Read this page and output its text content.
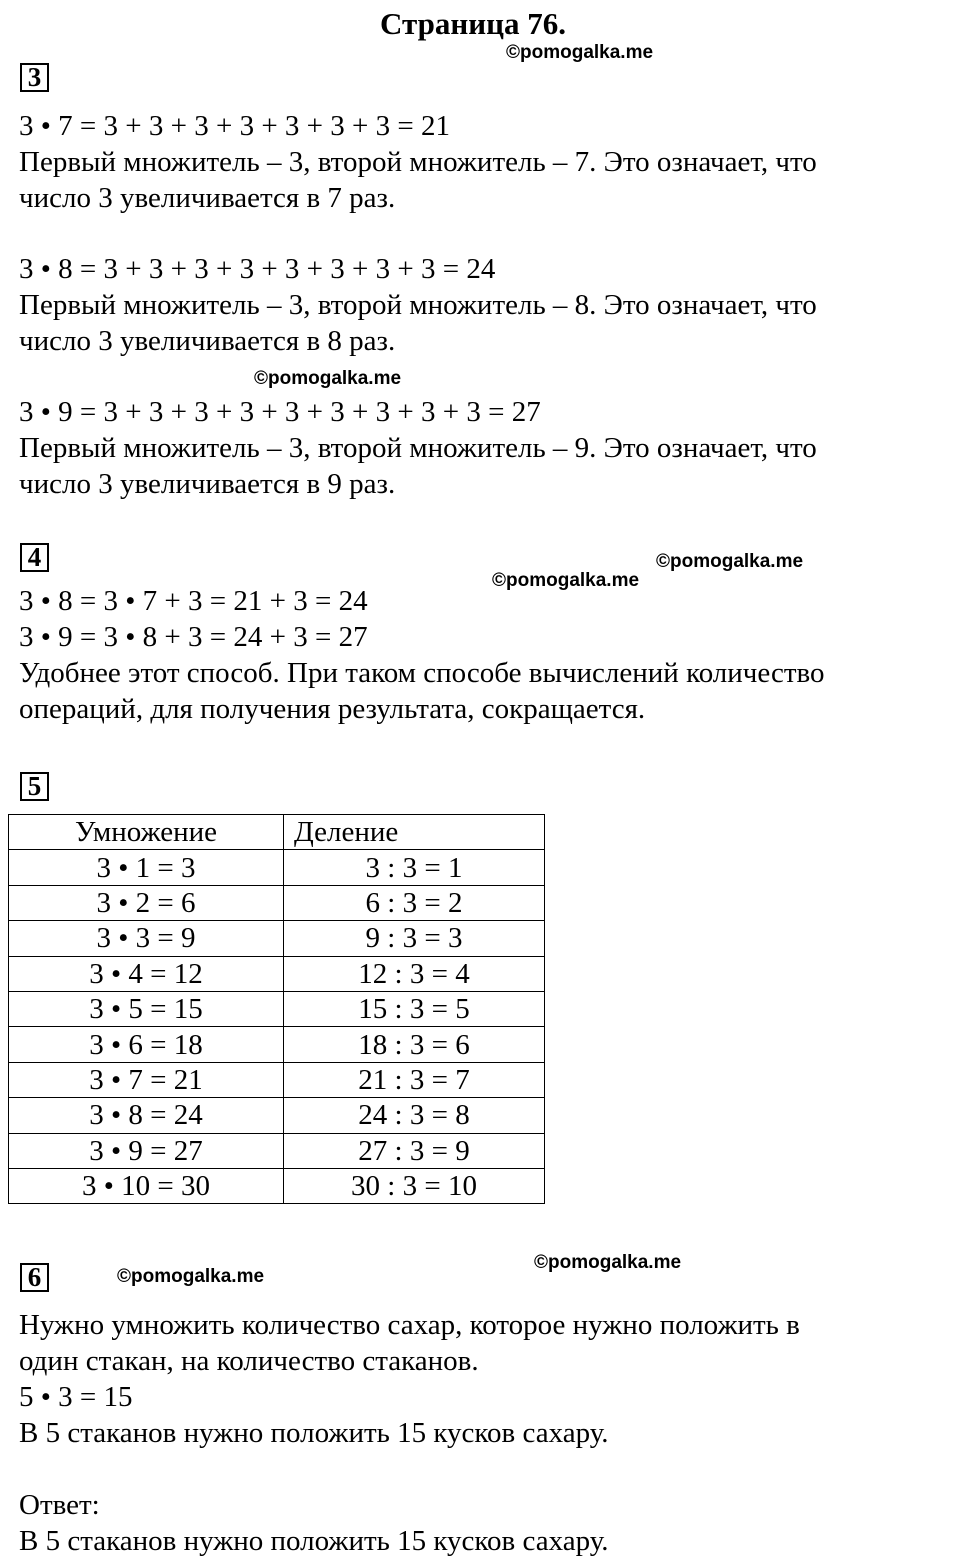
Страница 76.
©pomogalka.me
©pomogalka.me
©pomogalka.me
©pomogalka.me
©pomogalka.me
©pomogalka.me
3
3 • 7 = 3 + 3 + 3 + 3 + 3 + 3 + 3 = 21
Первый множитель – 3, второй множитель – 7. Это означает, что
число 3 увеличивается в 7 раз.
3 • 8 = 3 + 3 + 3 + 3 + 3 + 3 + 3 + 3 = 24
Первый множитель – 3, второй множитель – 8. Это означает, что
число 3 увеличивается в 8 раз.
3 • 9 = 3 + 3 + 3 + 3 + 3 + 3 + 3 + 3 + 3 = 27
Первый множитель – 3, второй множитель – 9. Это означает, что
число 3 увеличивается в 9 раз.
4
3 • 8 = 3 • 7 + 3 = 21 + 3 = 24
3 • 9 = 3 • 8 + 3 = 24 + 3 = 27
Удобнее этот способ. При таком способе вычислений количество
операций, для получения результата, сокращается.
5
Умножение	Деление
3 • 1 = 3	3 : 3 = 1
3 • 2 = 6	6 : 3 = 2
3 • 3 = 9	9 : 3 = 3
3 • 4 = 12	12 : 3 = 4
3 • 5 = 15	15 : 3 = 5
3 • 6 = 18	18 : 3 = 6
3 • 7 = 21	21 : 3 = 7
3 • 8 = 24	24 : 3 = 8
3 • 9 = 27	27 : 3 = 9
3 • 10 = 30	30 : 3 = 10
6
Нужно умножить количество сахар, которое нужно положить в
один стакан, на количество стаканов.
5 • 3 = 15
В 5 стаканов нужно положить 15 кусков сахару.
Ответ:
В 5 стаканов нужно положить 15 кусков сахару.
